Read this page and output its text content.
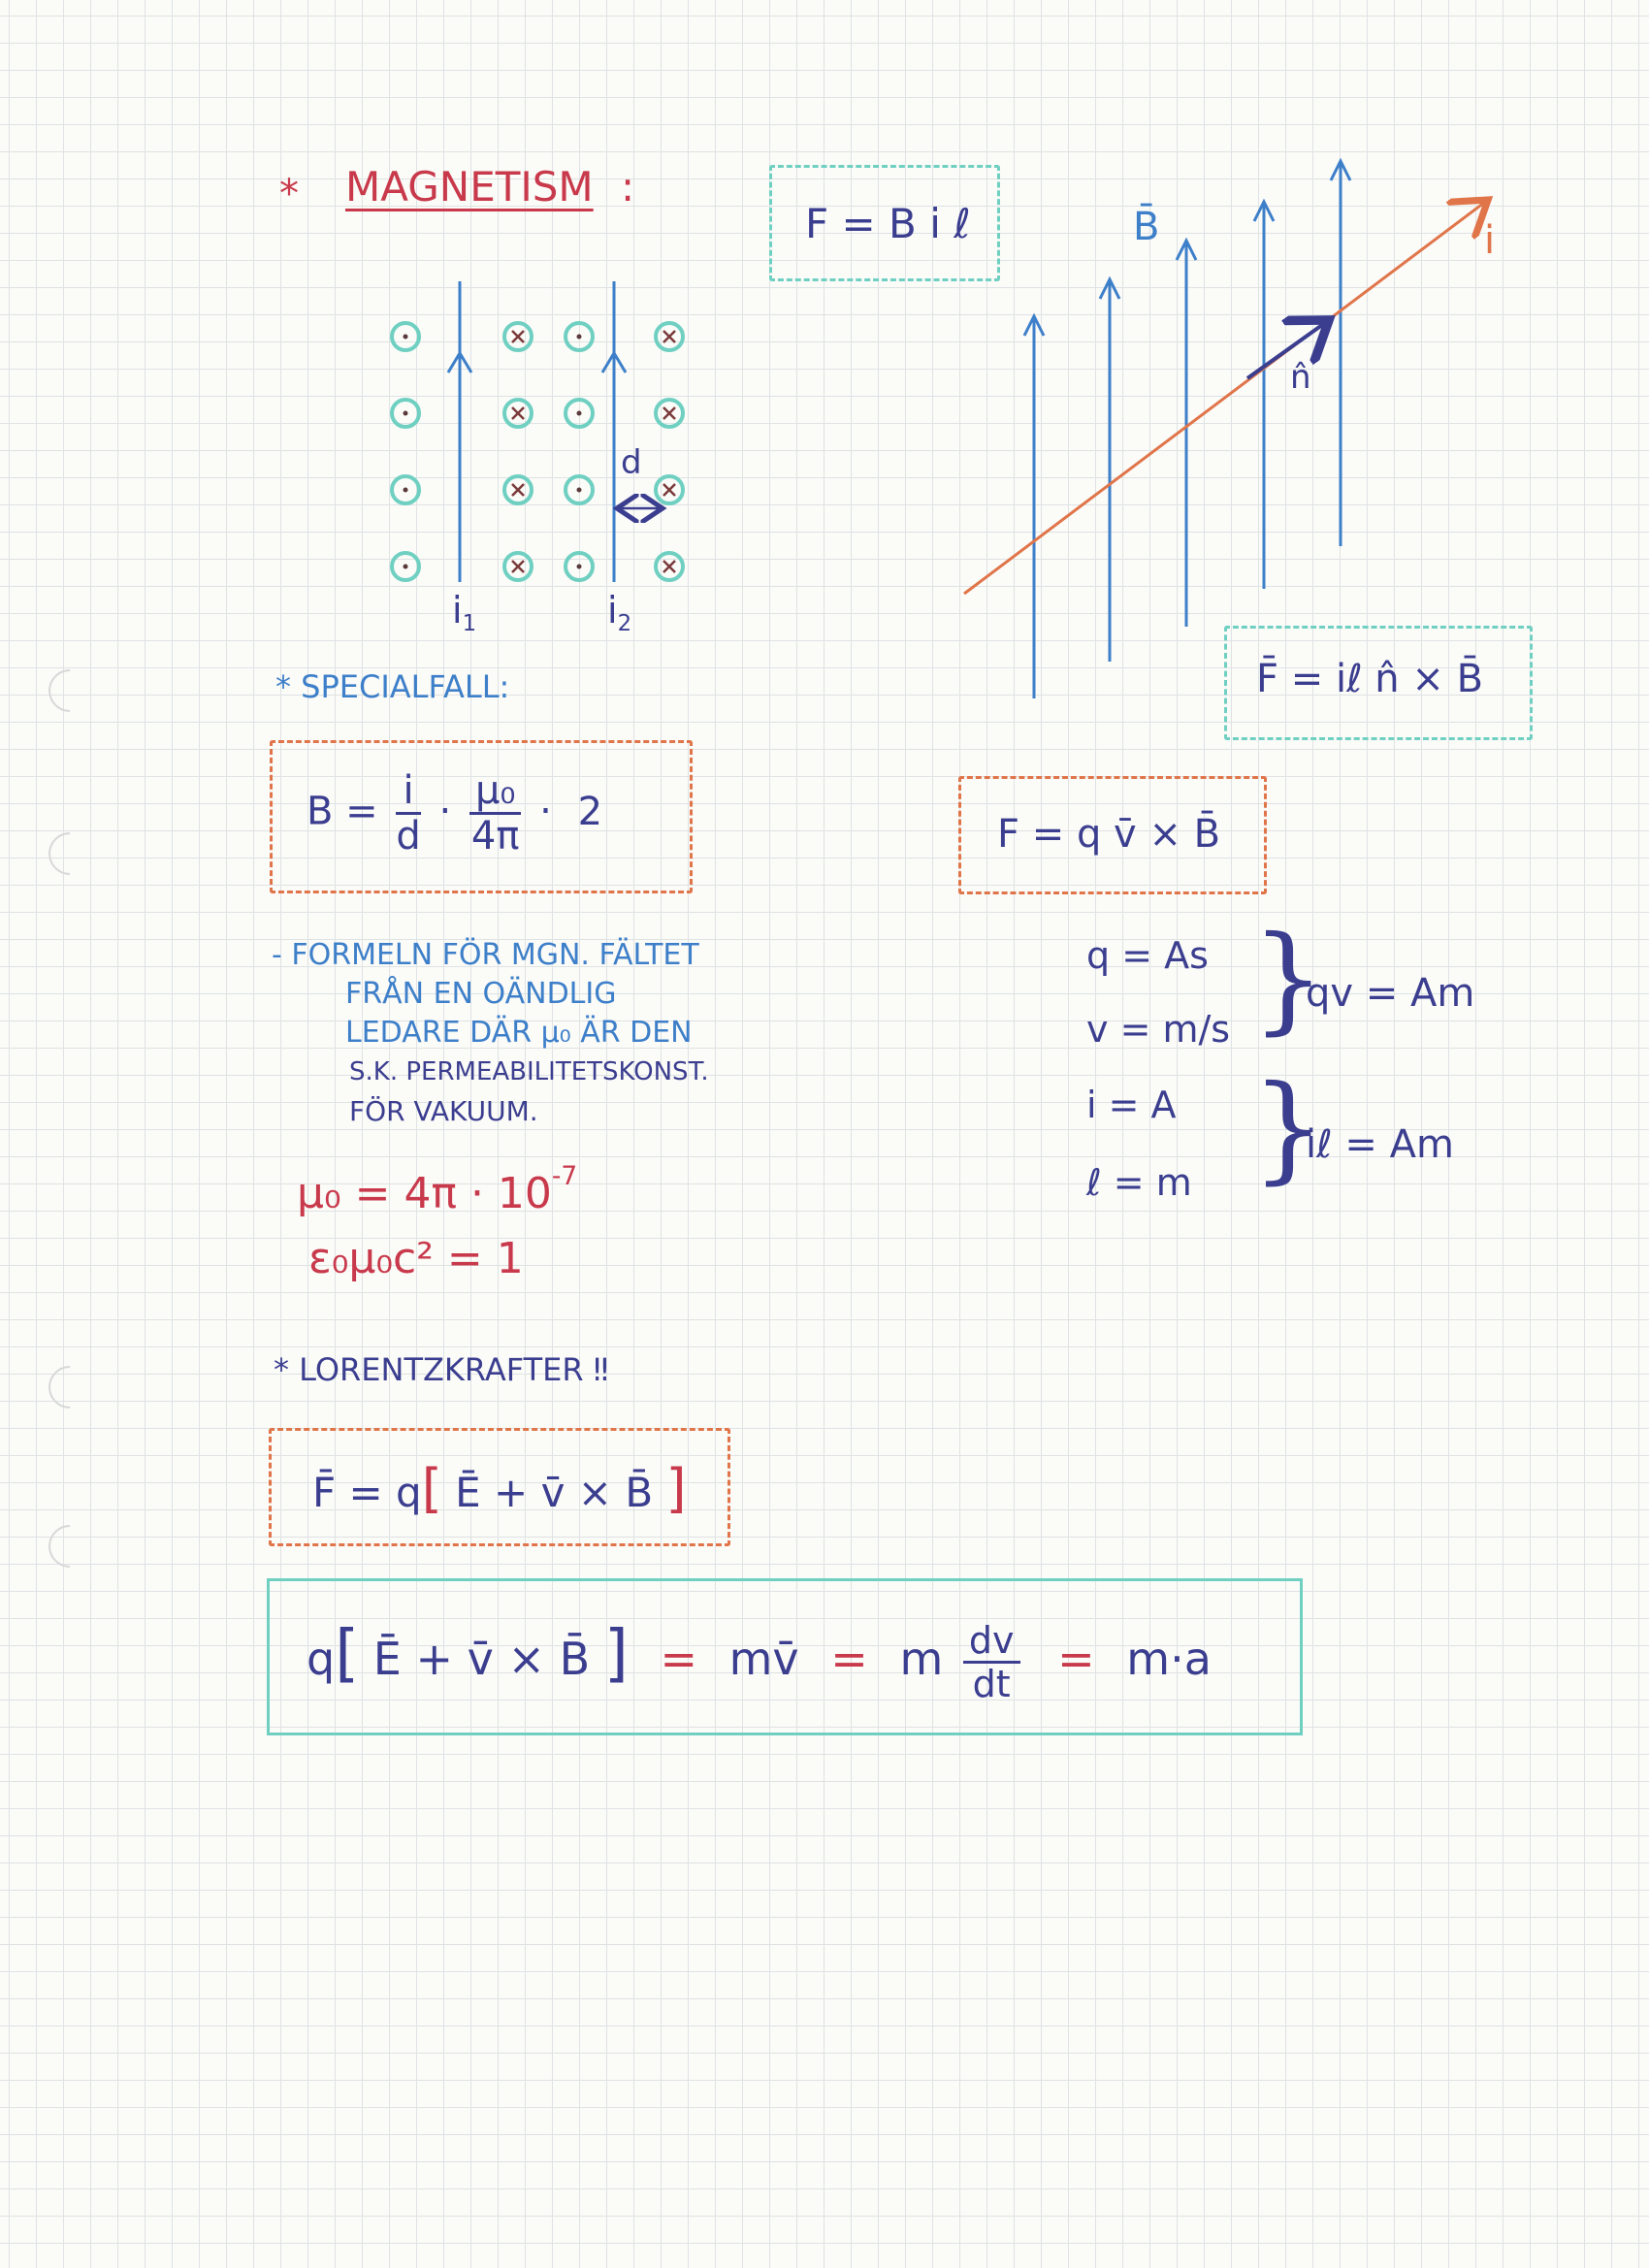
* MAGNETISM :
F = B i ℓ
$i_1$	$i_2$
d
B̄	i
n̂
F̄ = iℓ n̂ × B̄
* SPECIALFALL:
$B = \frac{i}{d} \cdot \frac{\text{μ₀}}{4\pi} \cdot 2$
F = q v̄ × B̄
- FORMELN FÖR MGN. FÄLTET
FRÅN EN OÄNDLIG
LEDARE DÄR μ₀ ÄR DEN
S.K. PERMEABILITETSKONST.
FÖR VAKUUM.
q = As
v = m/s }
qv = Am
i = A
ℓ = m }
iℓ = Am
$\mu_0 = 4\pi \cdot 10^{-7}$
ε₀μ₀c² = 1
* LORENTZKRAFTER ‼
F̄ = q[ Ē + v̄ × B̄ ]
q[ Ē + v̄ × B̄ ] = mv̄ = m $\frac{dv}{dt} = m\cdot a$
